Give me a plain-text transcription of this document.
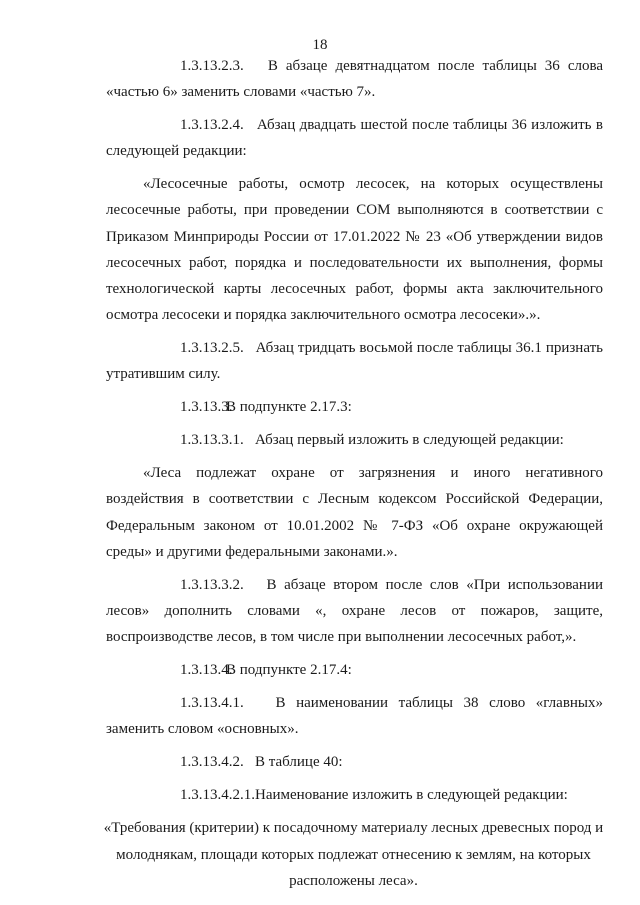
18

1.3.13.2.3. В абзаце девятнадцатом после таблицы 36 слова «частью 6» заменить словами «частью 7».

1.3.13.2.4. Абзац двадцать шестой после таблицы 36 изложить в следующей редакции:

«Лесосечные работы, осмотр лесосек, на которых осуществлены лесосечные работы, при проведении СОМ выполняются в соответствии с Приказом Минприроды России от 17.01.2022 № 23 «Об утверждении видов лесосечных работ, порядка и последовательности их выполнения, формы технологической карты лесосечных работ, формы акта заключительного осмотра лесосеки и порядка заключительного осмотра лесосеки».».

1.3.13.2.5. Абзац тридцать восьмой после таблицы 36.1 признать утратившим силу.

1.3.13.3.В подпункте 2.17.3:

1.3.13.3.1. Абзац первый изложить в следующей редакции:

«Леса подлежат охране от загрязнения и иного негативного воздействия в соответствии с Лесным кодексом Российской Федерации, Федеральным законом от 10.01.2002 № 7-ФЗ «Об охране окружающей среды» и другими федеральными законами.».

1.3.13.3.2. В абзаце втором после слов «При использовании лесов» дополнить словами «, охране лесов от пожаров, защите, воспроизводстве лесов, в том числе при выполнении лесосечных работ,».

1.3.13.4.В подпункте 2.17.4:

1.3.13.4.1. В наименовании таблицы 38 слово «главных» заменить словом «основных».

1.3.13.4.2. В таблице 40:

1.3.13.4.2.1.Наименование изложить в следующей редакции:

«Требования (критерии) к посадочному материалу лесных древесных пород и молоднякам, площади которых подлежат отнесению к землям, на которых расположены леса».
